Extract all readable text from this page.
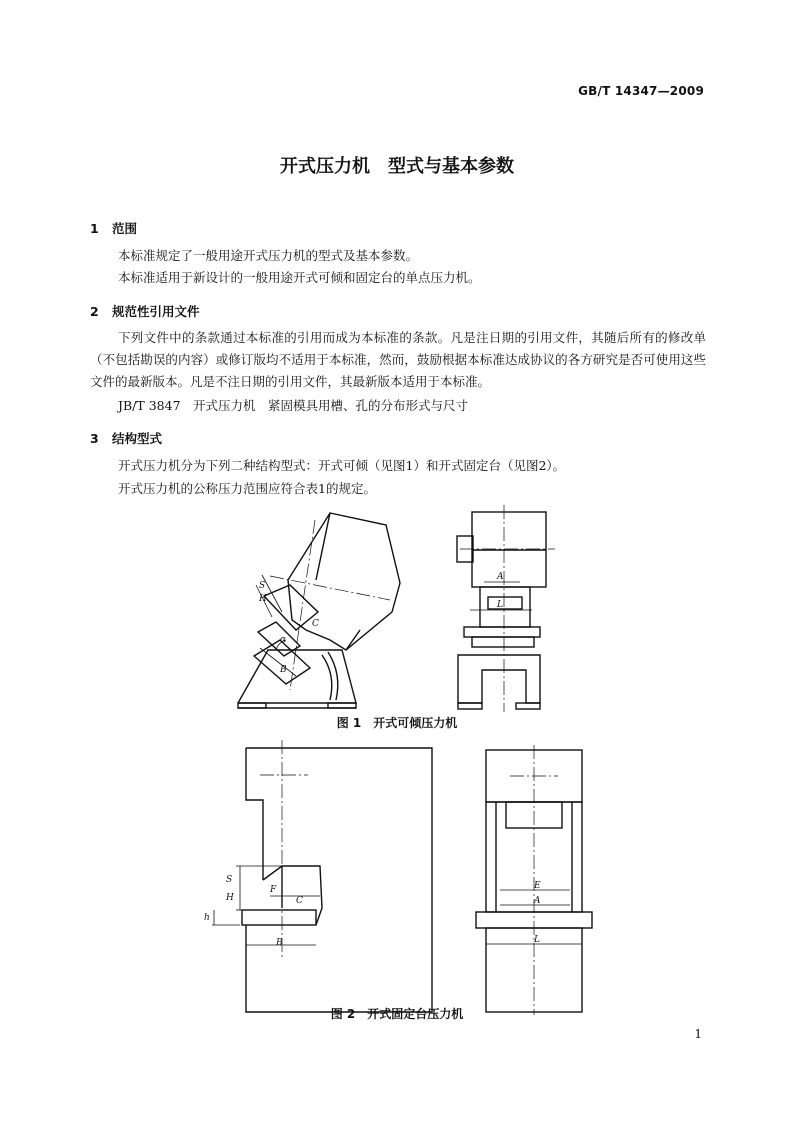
GB/T 14347—2009
开式压力机　型式与基本参数
1 范围
本标准规定了一般用途开式压力机的型式及基本参数。
本标准适用于新设计的一般用途开式可倾和固定台的单点压力机。
2 规范性引用文件
下列文件中的条款通过本标准的引用而成为本标准的条款。凡是注日期的引用文件，其随后所有的修改单（不包括勘误的内容）或修订版均不适用于本标准，然而，鼓励根据本标准达成协议的各方研究是否可使用这些文件的最新版本。凡是不注日期的引用文件，其最新版本适用于本标准。
JB/T 3847　开式压力机　紧固模具用槽、孔的分布形式与尺寸
3 结构型式
开式压力机分为下列二种结构型式：开式可倾（见图1）和开式固定台（见图2）。
开式压力机的公称压力范围应符合表1的规定。
S
H
C
α
B
A
L
S
H
h
F
C
B
E
A
L
图 1　开式可倾压力机
图 2　开式固定台压力机
1
